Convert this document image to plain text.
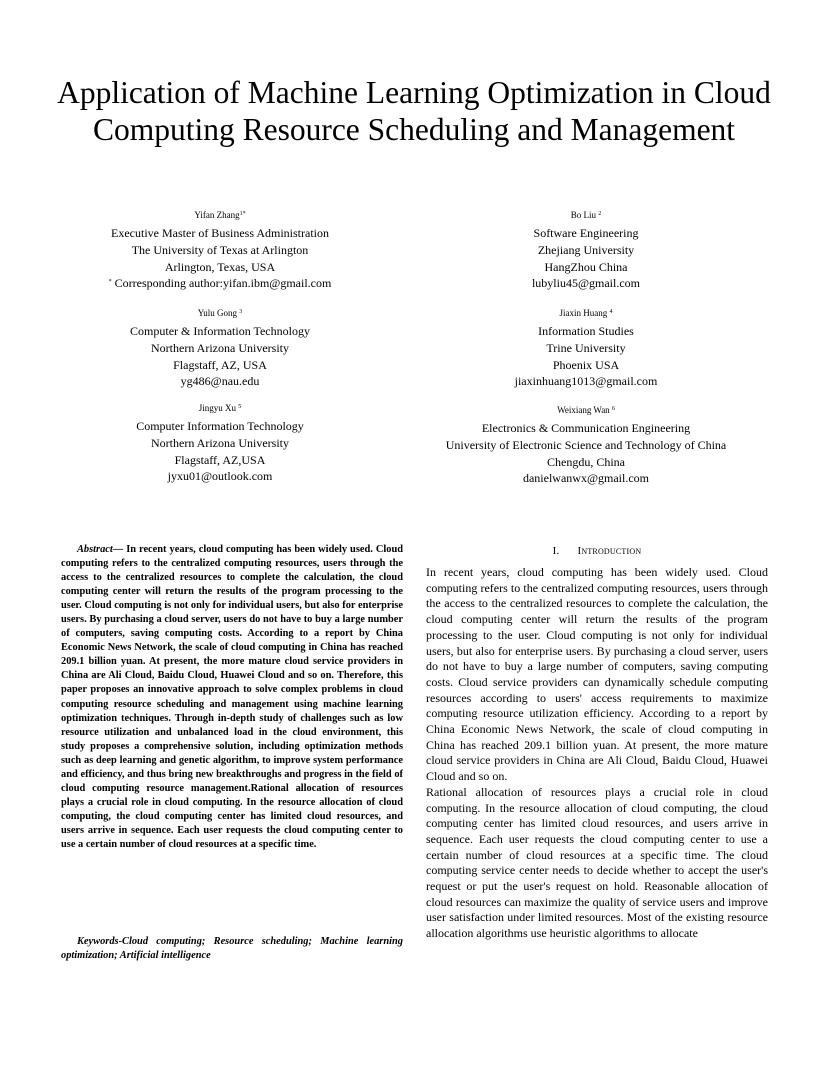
Application of Machine Learning Optimization in Cloud Computing Resource Scheduling and Management
Yifan Zhang$^{1*}$
Executive Master of Business Administration
The University of Texas at Arlington
Arlington, Texas, USA
* Corresponding author:yifan.ibm@gmail.com
Bo Liu $^2$
Software Engineering
Zhejiang University
HangZhou China
lubyliu45@gmail.com
Yulu Gong $^3$
Computer & Information Technology
Northern Arizona University
Flagstaff, AZ, USA
yg486@nau.edu
Jiaxin Huang $^4$
Information Studies
Trine University
Phoenix USA
jiaxinhuang1013@gmail.com
Jingyu Xu $^5$
Computer Information Technology
Northern Arizona University
Flagstaff, AZ,USA
jyxu01@outlook.com
Weixiang Wan $^6$
Electronics & Communication Engineering
University of Electronic Science and Technology of China
Chengdu, China
danielwanwx@gmail.com

Abstract— In recent years, cloud computing has been widely used. Cloud computing refers to the centralized computing resources, users through the access to the centralized resources to complete the calculation, the cloud computing center will return the results of the program processing to the user. Cloud computing is not only for individual users, but also for enterprise users. By purchasing a cloud server, users do not have to buy a large number of computers, saving computing costs. According to a report by China Economic News Network, the scale of cloud computing in China has reached 209.1 billion yuan. At present, the more mature cloud service providers in China are Ali Cloud, Baidu Cloud, Huawei Cloud and so on. Therefore, this paper proposes an innovative approach to solve complex problems in cloud computing resource scheduling and management using machine learning optimization techniques. Through in-depth study of challenges such as low resource utilization and unbalanced load in the cloud environment, this study proposes a comprehensive solution, including optimization methods such as deep learning and genetic algorithm, to improve system performance and efficiency, and thus bring new breakthroughs and progress in the field of cloud computing resource management.Rational allocation of resources plays a crucial role in cloud computing. In the resource allocation of cloud computing, the cloud computing center has limited cloud resources, and users arrive in sequence. Each user requests the cloud computing center to use a certain number of cloud resources at a specific time.

Keywords-Cloud computing; Resource scheduling; Machine learning optimization; Artificial intelligence

I. Introduction

In recent years, cloud computing has been widely used. Cloud computing refers to the centralized computing resources, users through the access to the centralized resources to complete the calculation, the cloud computing center will return the results of the program processing to the user. Cloud computing is not only for individual users, but also for enterprise users. By purchasing a cloud server, users do not have to buy a large number of computers, saving computing costs. Cloud service providers can dynamically schedule computing resources according to users' access requirements to maximize computing resource utilization efficiency. According to a report by China Economic News Network, the scale of cloud computing in China has reached 209.1 billion yuan. At present, the more mature cloud service providers in China are Ali Cloud, Baidu Cloud, Huawei Cloud and so on.

Rational allocation of resources plays a crucial role in cloud computing. In the resource allocation of cloud computing, the cloud computing center has limited cloud resources, and users arrive in sequence. Each user requests the cloud computing center to use a certain number of cloud resources at a specific time. The cloud computing service center needs to decide whether to accept the user's request or put the user's request on hold. Reasonable allocation of cloud resources can maximize the quality of service users and improve user satisfaction under limited resources. Most of the existing resource allocation algorithms use heuristic algorithms to allocate
